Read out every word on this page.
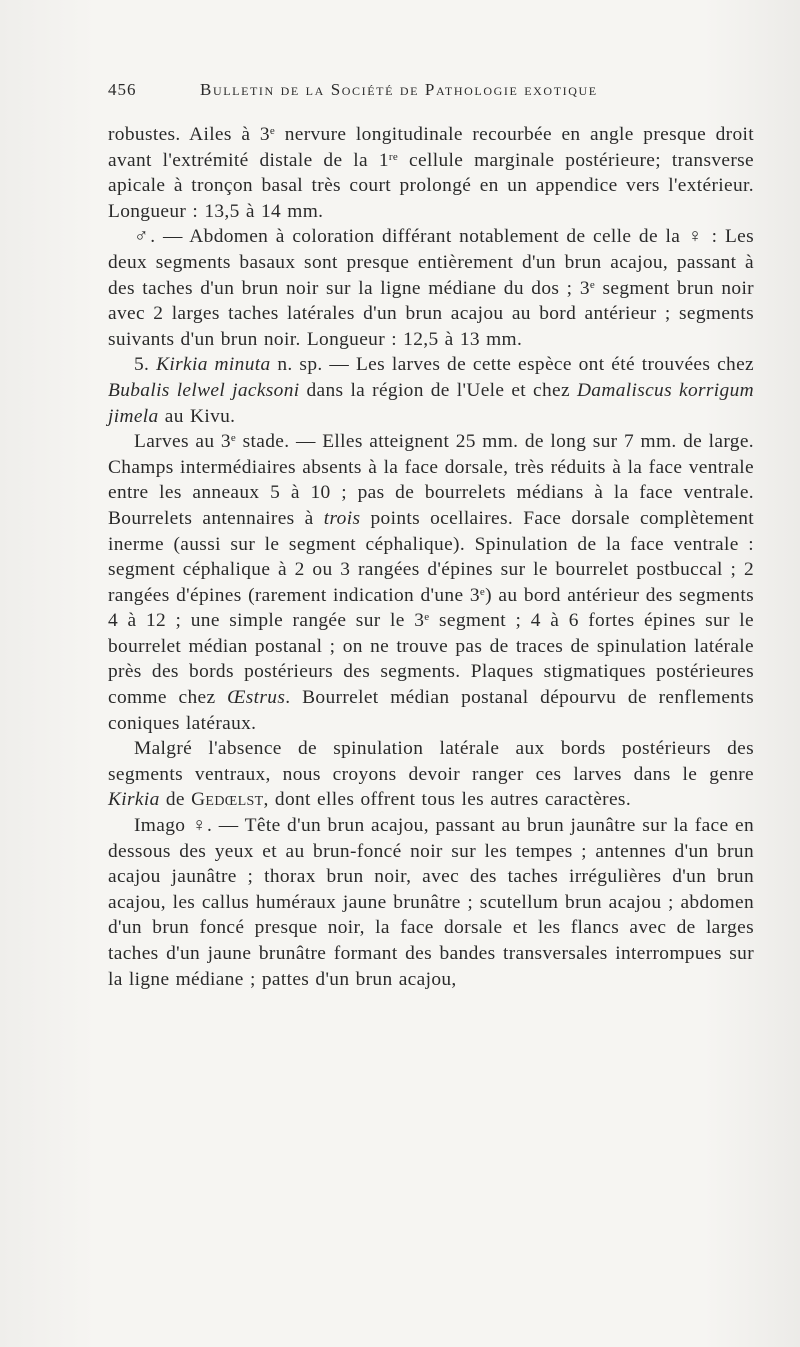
456	Bulletin de la Société de Pathologie exotique

robustes. Ailes à 3e nervure longitudinale recourbée en angle presque droit avant l'extrémité distale de la 1re cellule marginale postérieure; transverse apicale à tronçon basal très court prolongé en un appendice vers l'extérieur. Longueur : 13,5 à 14 mm.

♂. — Abdomen à coloration différant notablement de celle de la ♀ : Les deux segments basaux sont presque entièrement d'un brun acajou, passant à des taches d'un brun noir sur la ligne médiane du dos ; 3e segment brun noir avec 2 larges taches latérales d'un brun acajou au bord antérieur ; segments suivants d'un brun noir. Longueur : 12,5 à 13 mm.

5. Kirkia minuta n. sp. — Les larves de cette espèce ont été trouvées chez Bubalis lelwel jacksoni dans la région de l'Uele et chez Damaliscus korrigum jimela au Kivu.

Larves au 3e stade. — Elles atteignent 25 mm. de long sur 7 mm. de large. Champs intermédiaires absents à la face dorsale, très réduits à la face ventrale entre les anneaux 5 à 10 ; pas de bourrelets médians à la face ventrale. Bourrelets antennaires à trois points ocellaires. Face dorsale complètement inerme (aussi sur le segment céphalique). Spinulation de la face ventrale : segment céphalique à 2 ou 3 rangées d'épines sur le bourrelet postbuccal ; 2 rangées d'épines (rarement indication d'une 3e) au bord antérieur des segments 4 à 12 ; une simple rangée sur le 3e segment ; 4 à 6 fortes épines sur le bourrelet médian postanal ; on ne trouve pas de traces de spinulation latérale près des bords postérieurs des segments. Plaques stigmatiques postérieures comme chez Œstrus. Bourrelet médian postanal dépourvu de renflements coniques latéraux.

Malgré l'absence de spinulation latérale aux bords postérieurs des segments ventraux, nous croyons devoir ranger ces larves dans le genre Kirkia de Gedœlst, dont elles offrent tous les autres caractères.

Imago ♀. — Tête d'un brun acajou, passant au brun jaunâtre sur la face en dessous des yeux et au brun-foncé noir sur les tempes ; antennes d'un brun acajou jaunâtre ; thorax brun noir, avec des taches irrégulières d'un brun acajou, les callus huméraux jaune brunâtre ; scutellum brun acajou ; abdomen d'un brun foncé presque noir, la face dorsale et les flancs avec de larges taches d'un jaune brunâtre formant des bandes transversales interrompues sur la ligne médiane ; pattes d'un brun acajou,
